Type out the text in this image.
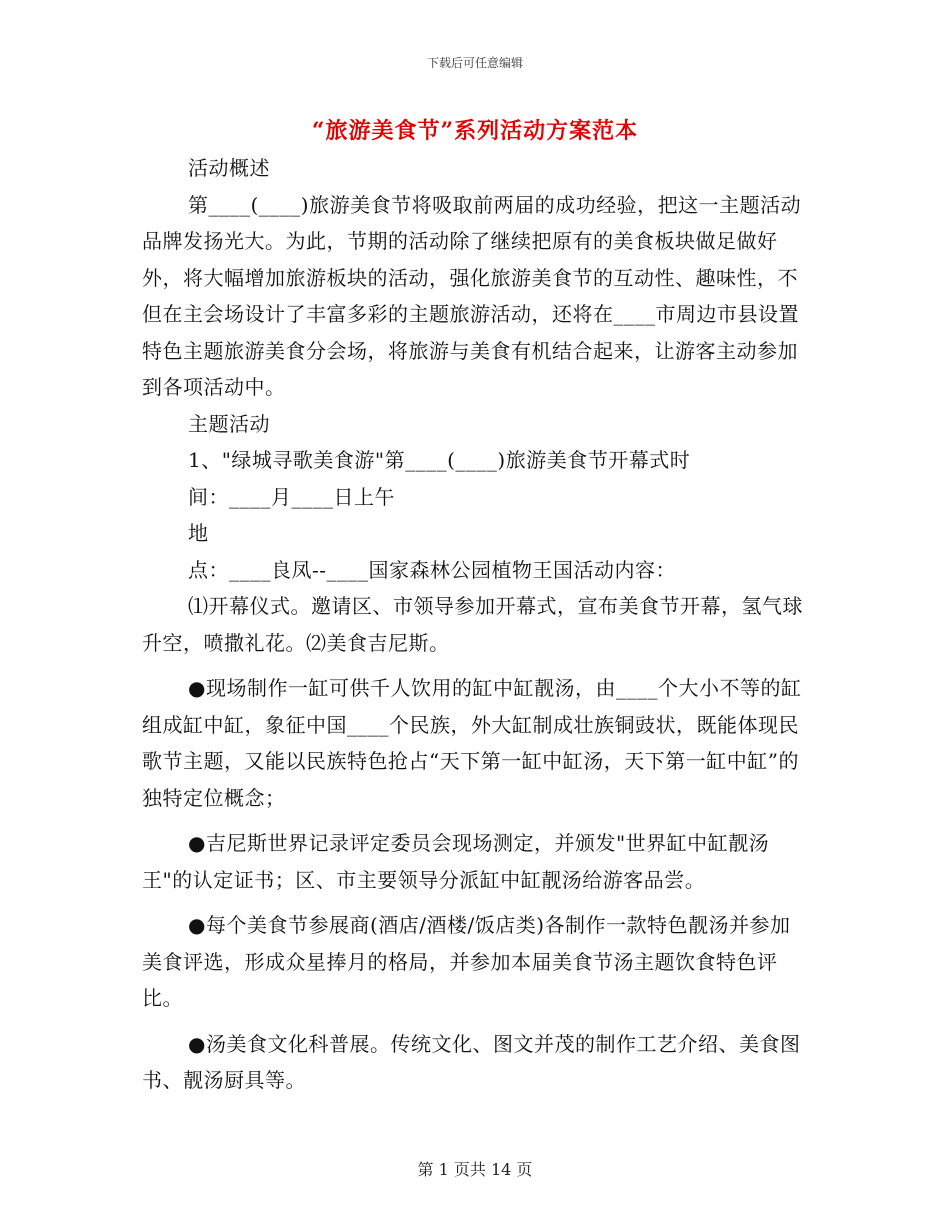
下载后可任意编辑
“旅游美食节”系列活动方案范本

活动概述

第____(____)旅游美食节将吸取前两届的成功经验，把这一主题活动品牌发扬光大。为此，节期的活动除了继续把原有的美食板块做足做好外，将大幅增加旅游板块的活动，强化旅游美食节的互动性、趣味性，不但在主会场设计了丰富多彩的主题旅游活动，还将在____市周边市县设置特色主题旅游美食分会场，将旅游与美食有机结合起来，让游客主动参加到各项活动中。

主题活动

1、"绿城寻歌美食游"第____(____)旅游美食节开幕式时

间：____月____日上午

地

点：____良凤--____国家森林公园植物王国活动内容：

⑴开幕仪式。邀请区、市领导参加开幕式，宣布美食节开幕，氢气球升空，喷撒礼花。⑵美食吉尼斯。

●现场制作一缸可供千人饮用的缸中缸靓汤，由____个大小不等的缸组成缸中缸，象征中国____个民族，外大缸制成壮族铜豉状，既能体现民歌节主题，又能以民族特色抢占“天下第一缸中缸汤，天下第一缸中缸”的独特定位概念；

●吉尼斯世界记录评定委员会现场测定，并颁发"世界缸中缸靓汤王"的认定证书；区、市主要领导分派缸中缸靓汤给游客品尝。

●每个美食节参展商(酒店/酒楼/饭店类)各制作一款特色靓汤并参加美食评选，形成众星捧月的格局，并参加本届美食节汤主题饮食特色评比。

●汤美食文化科普展。传统文化、图文并茂的制作工艺介绍、美食图书、靓汤厨具等。

第 1 页共 14 页
